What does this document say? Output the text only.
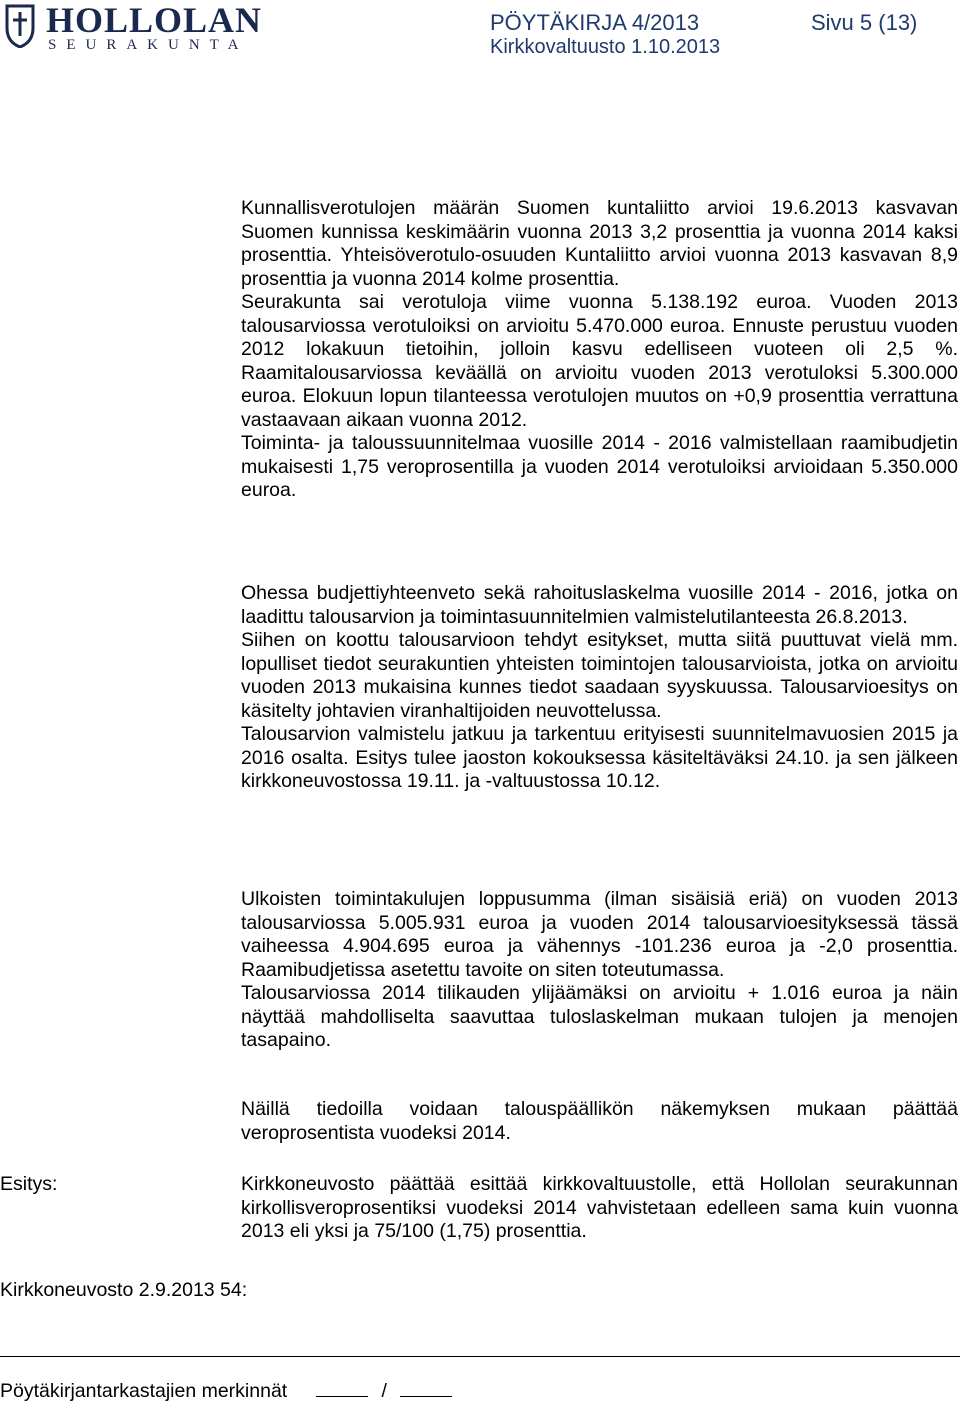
HOLLOLAN
SEURAKUNTA
PÖYTÄKIRJA 4/2013	Sivu 5 (13)
Kirkkovaltuusto 1.10.2013

Kunnallisverotulojen määrän Suomen kuntaliitto arvioi 19.6.2013 kasvavan Suomen kunnissa keskimäärin vuonna 2013 3,2 prosenttia ja vuonna 2014 kaksi prosenttia. Yhteisöverotulo-osuuden Kuntaliitto arvioi vuonna 2013 kasvavan 8,9 prosenttia ja vuonna 2014 kolme prosenttia.
Seurakunta sai verotuloja viime vuonna 5.138.192 euroa. Vuoden 2013 talousarviossa verotuloiksi on arvioitu 5.470.000 euroa. Ennuste perustuu vuoden 2012 lokakuun tietoihin, jolloin kasvu edelliseen vuoteen oli 2,5 %. Raamitalousarviossa keväällä on arvioitu vuoden 2013 verotuloksi 5.300.000 euroa. Elokuun lopun tilanteessa verotulojen muutos on +0,9 prosenttia verrattuna vastaavaan aikaan vuonna 2012.
Toiminta- ja taloussuunnitelmaa vuosille 2014 - 2016 valmistellaan raamibudjetin mukaisesti 1,75 veroprosentilla ja vuoden 2014 verotuloiksi arvioidaan 5.350.000 euroa.

Ohessa budjettiyhteenveto sekä rahoituslaskelma vuosille 2014 - 2016, jotka on laadittu talousarvion ja toimintasuunnitelmien valmistelutilanteesta 26.8.2013.
Siihen on koottu talousarvioon tehdyt esitykset, mutta siitä puuttuvat vielä mm. lopulliset tiedot seurakuntien yhteisten toimintojen talousarvioista, jotka on arvioitu vuoden 2013 mukaisina kunnes tiedot saadaan syyskuussa. Talousarvioesitys on käsitelty johtavien viranhaltijoiden neuvottelussa.
Talousarvion valmistelu jatkuu ja tarkentuu erityisesti suunnitelmavuosien 2015 ja 2016 osalta. Esitys tulee jaoston kokouksessa käsiteltäväksi 24.10. ja sen jälkeen kirkkoneuvostossa 19.11. ja -valtuustossa 10.12.

Ulkoisten toimintakulujen loppusumma (ilman sisäisiä eriä) on vuoden 2013 talousarviossa 5.005.931 euroa ja vuoden 2014 talousarvioesityksessä tässä vaiheessa 4.904.695 euroa ja vähennys -101.236 euroa ja -2,0 prosenttia. Raamibudjetissa asetettu tavoite on siten toteutumassa.
Talousarviossa 2014 tilikauden ylijäämäksi on arvioitu + 1.016 euroa ja näin näyttää mahdolliselta saavuttaa tuloslaskelman mukaan tulojen ja menojen tasapaino.

Näillä tiedoilla voidaan talouspäällikön näkemyksen mukaan päättää veroprosentista vuodeksi 2014.

Esitys:	Kirkkoneuvosto päättää esittää kirkkovaltuustolle, että Hollolan seurakunnan kirkollisveroprosentiksi vuodeksi 2014 vahvistetaan edelleen sama kuin vuonna 2013 eli yksi ja 75/100 (1,75) prosenttia.

Kirkkoneuvosto 2.9.2013 54:
Pöytäkirjantarkastajien merkinnät	/
